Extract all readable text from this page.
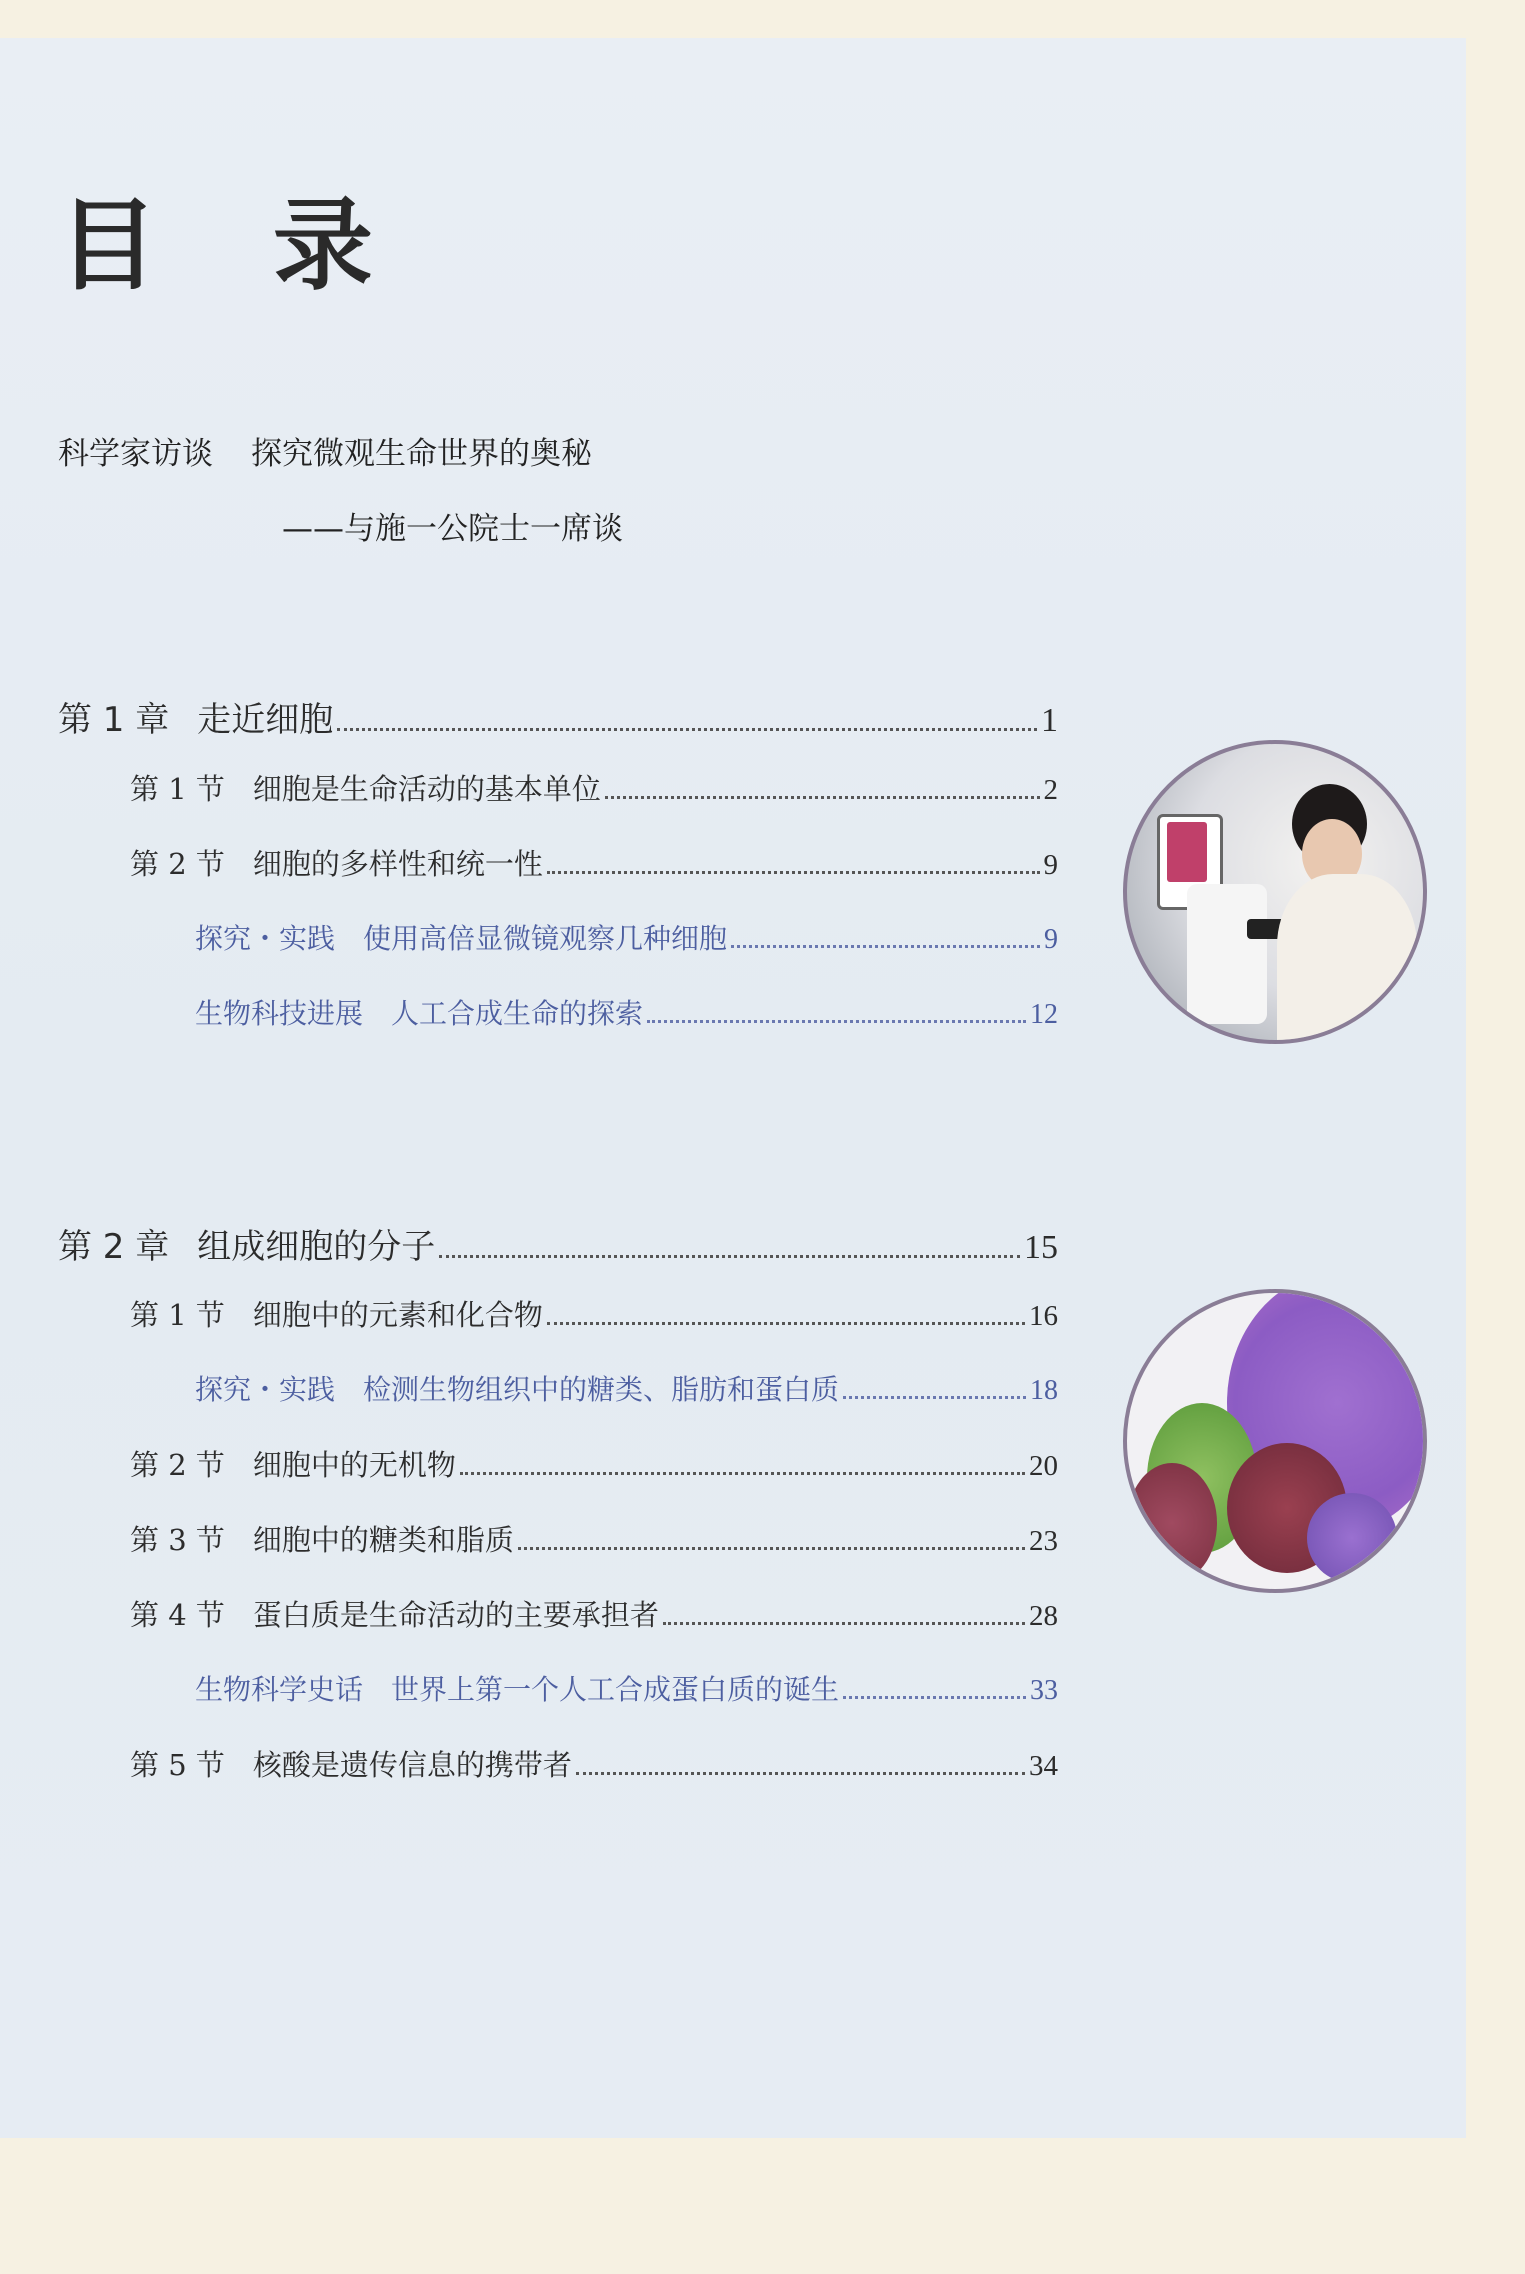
目 录
科学家访谈 探究微观生命世界的奥秘
——与施一公院士一席谈
第 1 章 走近细胞	1
第 1 节 细胞是生命活动的基本单位	2
第 2 节 细胞的多样性和统一性	9
探究・实践 使用高倍显微镜观察几种细胞	9
生物科技进展 人工合成生命的探索	12
第 2 章 组成细胞的分子	15
第 1 节 细胞中的元素和化合物	16
探究・实践 检测生物组织中的糖类、脂肪和蛋白质	18
第 2 节 细胞中的无机物	20
第 3 节 细胞中的糖类和脂质	23
第 4 节 蛋白质是生命活动的主要承担者	28
生物科学史话 世界上第一个人工合成蛋白质的诞生	33
第 5 节 核酸是遗传信息的携带者	34
